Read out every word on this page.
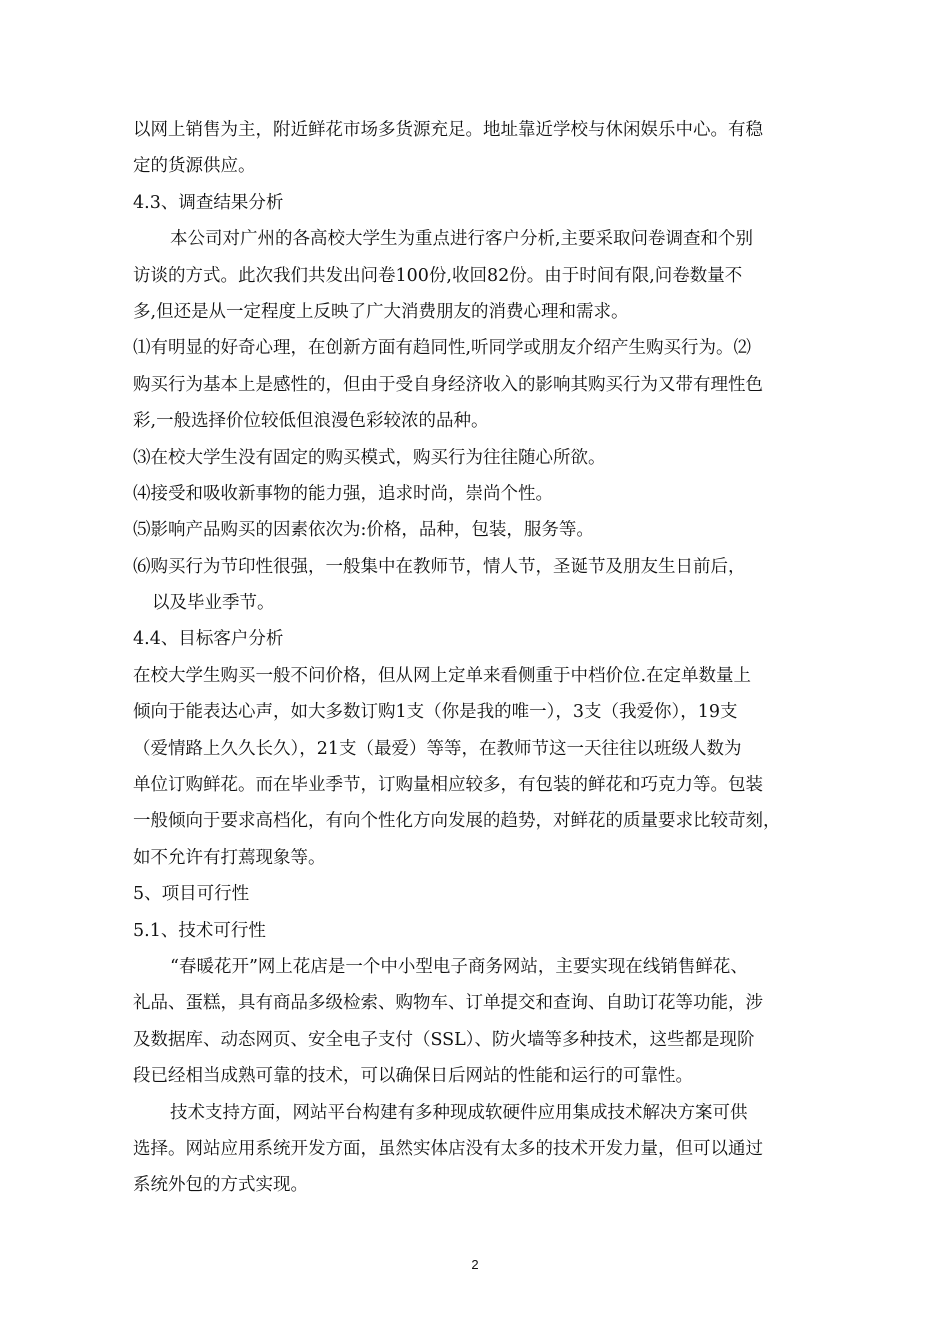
以网上销售为主，附近鲜花市场多货源充足。地址靠近学校与休闲娱乐中心。有稳
定的货源供应。
4.3、调查结果分析
本公司对广州的各高校大学生为重点进行客户分析,主要采取问卷调查和个别
访谈的方式。此次我们共发出问卷100份,收回82份。由于时间有限,问卷数量不
多,但还是从一定程度上反映了广大消费朋友的消费心理和需求。
⑴有明显的好奇心理，在创新方面有趋同性,听同学或朋友介绍产生购买行为。⑵
购买行为基本上是感性的，但由于受自身经济收入的影响其购买行为又带有理性色
彩,一般选择价位较低但浪漫色彩较浓的品种。
⑶在校大学生没有固定的购买模式，购买行为往往随心所欲。
⑷接受和吸收新事物的能力强，追求时尚，崇尚个性。
⑸影响产品购买的因素依次为:价格，品种，包装，服务等。
⑹购买行为节印性很强，一般集中在教师节，情人节，圣诞节及朋友生日前后，
以及毕业季节。
4.4、目标客户分析
在校大学生购买一般不问价格，但从网上定单来看侧重于中档价位.在定单数量上
倾向于能表达心声，如大多数订购1支（你是我的唯一），3支（我爱你），19支
（爱情路上久久长久），21支（最爱）等等，在教师节这一天往往以班级人数为
单位订购鲜花。而在毕业季节，订购量相应较多，有包装的鲜花和巧克力等。包装
一般倾向于要求高档化，有向个性化方向发展的趋势，对鲜花的质量要求比较苛刻，
如不允许有打蔫现象等。
5、项目可行性
5.1、技术可行性
“春暖花开”网上花店是一个中小型电子商务网站，主要实现在线销售鲜花、
礼品、蛋糕，具有商品多级检索、购物车、订单提交和查询、自助订花等功能，涉
及数据库、动态网页、安全电子支付（SSL）、防火墙等多种技术，这些都是现阶
段已经相当成熟可靠的技术，可以确保日后网站的性能和运行的可靠性。
技术支持方面，网站平台构建有多种现成软硬件应用集成技术解决方案可供
选择。网站应用系统开发方面，虽然实体店没有太多的技术开发力量，但可以通过
系统外包的方式实现。
2
